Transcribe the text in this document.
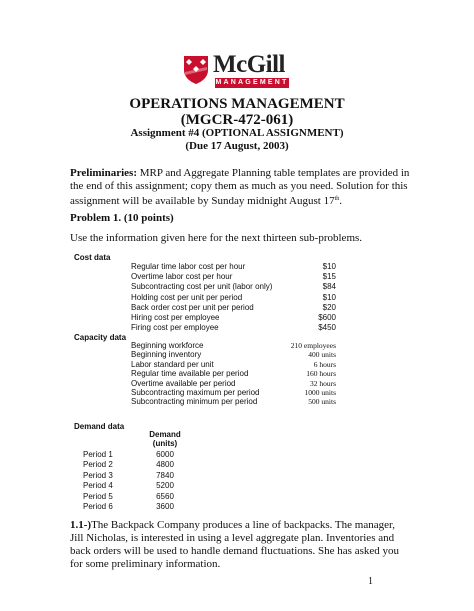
McGill
MANAGEMENT
OPERATIONS MANAGEMENT
(MGCR-472-061)
Assignment #4 (OPTIONAL ASSIGNMENT)
(Due 17 August, 2003)
Preliminaries: MRP and Aggregate Planning table templates are provided in the end of this assignment; copy them as much as you need. Solution for this assignment will be available by Sunday midnight August 17th.
Problem 1. (10 points)
Use the information given here for the next thirteen sub-problems.
Cost data
Regular time labor cost per hour	$10
Overtime labor cost per hour	$15
Subcontracting cost per unit (labor only)	$84
Holding cost per unit per period	$10
Back order cost per unit per period	$20
Hiring cost per employee	$600
Firing cost per employee	$450
Capacity data
Beginning workforce	210 employees
Beginning inventory	400 units
Labor standard per unit	6 hours
Regular time available per period	160 hours
Overtime available per period	32 hours
Subcontracting maximum per period	1000 units
Subcontracting minimum per period	500 units
Demand data
Demand
(units)
Period 1	6000
Period 2	4800
Period 3	7840
Period 4	5200
Period 5	6560
Period 6	3600
1.1-)The Backpack Company produces a line of backpacks. The manager, Jill Nicholas, is interested in using a level aggregate plan. Inventories and back orders will be used to handle demand fluctuations. She has asked you for some preliminary information.
1
